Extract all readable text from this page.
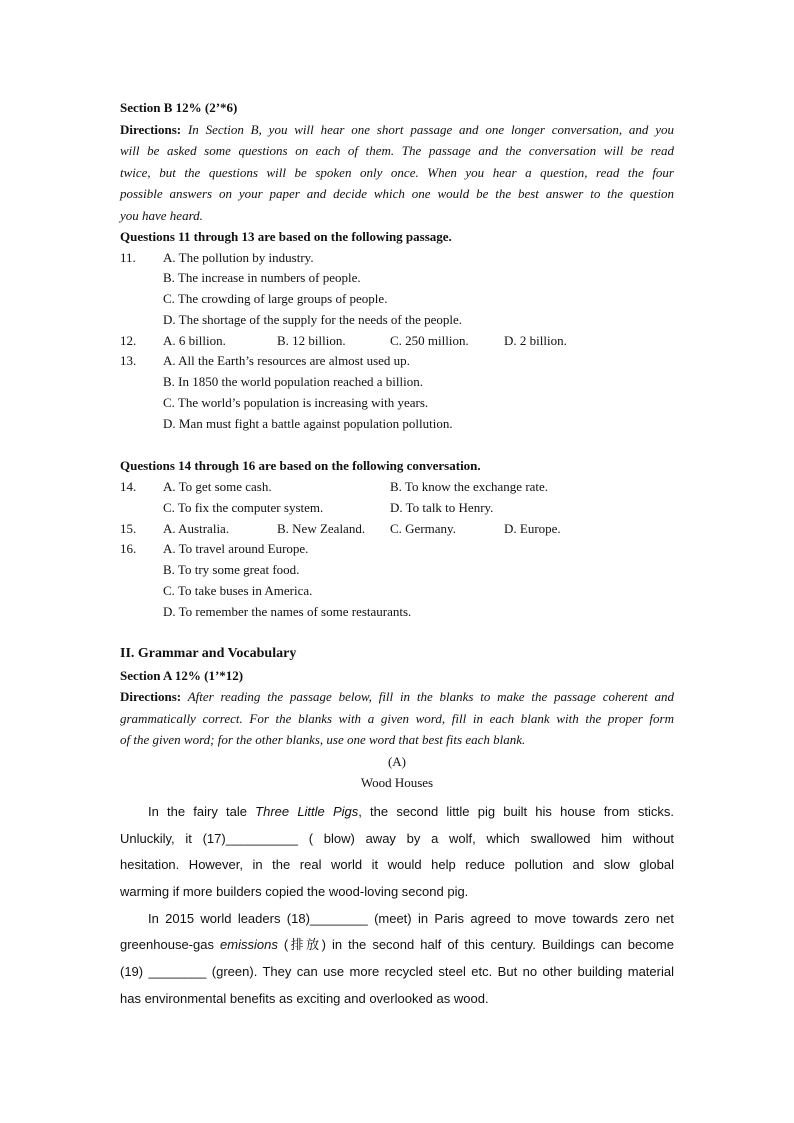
Section B 12% (2’*6)
Directions: In Section B, you will hear one short passage and one longer conversation, and you
will be asked some questions on each of them. The passage and the conversation will be read
twice, but the questions will be spoken only once. When you hear a question, read the four
possible answers on your paper and decide which one would be the best answer to the question
you have heard.
Questions 11 through 13 are based on the following passage.
11. A. The pollution by industry.
B. The increase in numbers of people.
C. The crowding of large groups of people.
D. The shortage of the supply for the needs of the people.
12. A. 6 billion.	B. 12 billion.	C. 250 million.	D. 2 billion.
13. A. All the Earth’s resources are almost used up.
B. In 1850 the world population reached a billion.
C. The world’s population is increasing with years.
D. Man must fight a battle against population pollution.
Questions 14 through 16 are based on the following conversation.
14. A. To get some cash.	B. To know the exchange rate.
C. To fix the computer system.	D. To talk to Henry.
15. A. Australia.	B. New Zealand. C. Germany.	D. Europe.
16. A. To travel around Europe.
B. To try some great food.
C. To take buses in America.
D. To remember the names of some restaurants.
II. Grammar and Vocabulary
Section A 12% (1’*12)
Directions: After reading the passage below, fill in the blanks to make the passage coherent and
grammatically correct. For the blanks with a given word, fill in each blank with the proper form
of the given word; for the other blanks, use one word that best fits each blank.
(A)
Wood Houses
In the fairy tale Three Little Pigs, the second little pig built his house from sticks.
Unluckily, it (17)__________ ( blow) away by a wolf, which swallowed him without
hesitation. However, in the real world it would help reduce pollution and slow global
warming if more builders copied the wood-loving second pig.
In 2015 world leaders (18)________ (meet) in Paris agreed to move towards zero net
greenhouse-gas emissions (排放) in the second half of this century. Buildings can become
(19) ________ (green). They can use more recycled steel etc. But no other building material
has environmental benefits as exciting and overlooked as wood.
